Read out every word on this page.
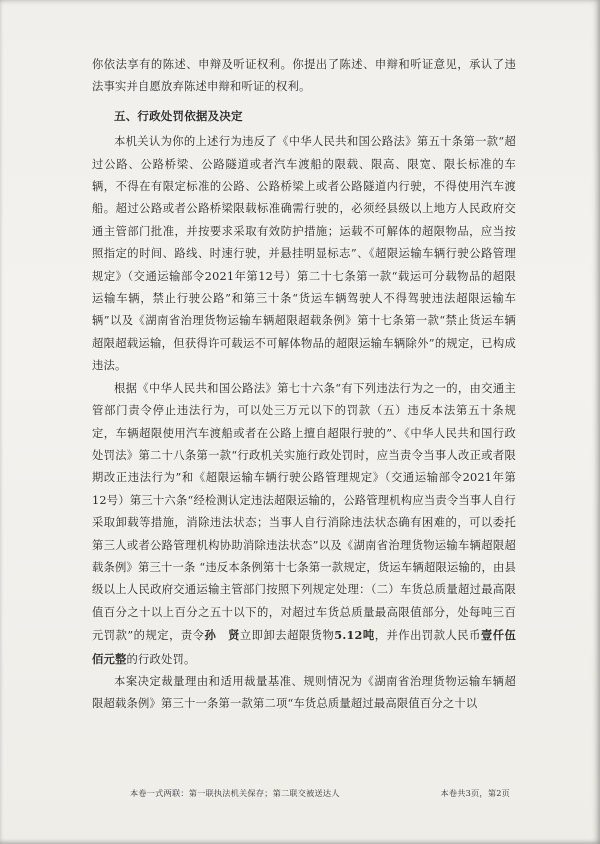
你依法享有的陈述、申辩及听证权利。你提出了陈述、申辩和听证意见，承认了违法事实并自愿放弃陈述申辩和听证的权利。

五、行政处罚依据及决定

本机关认为你的上述行为违反了《中华人民共和国公路法》第五十条第一款“超过公路、公路桥梁、公路隧道或者汽车渡船的限载、限高、限宽、限长标准的车辆，不得在有限定标准的公路、公路桥梁上或者公路隧道内行驶，不得使用汽车渡船。超过公路或者公路桥梁限载标准确需行驶的，必须经县级以上地方人民政府交通主管部门批准，并按要求采取有效防护措施；运载不可解体的超限物品，应当按照指定的时间、路线、时速行驶，并悬挂明显标志”、《超限运输车辆行驶公路管理规定》（交通运输部令2021年第12号）第二十七条第一款“载运可分载物品的超限运输车辆，禁止行驶公路”和第三十条“货运车辆驾驶人不得驾驶违法超限运输车辆”以及《湖南省治理货物运输车辆超限超载条例》第十七条第一款“禁止货运车辆超限超载运输，但获得许可载运不可解体物品的超限运输车辆除外”的规定，已构成违法。

根据《中华人民共和国公路法》第七十六条“有下列违法行为之一的，由交通主管部门责令停止违法行为，可以处三万元以下的罚款（五）违反本法第五十条规定，车辆超限使用汽车渡船或者在公路上擅自超限行驶的”、《中华人民共和国行政处罚法》第二十八条第一款“行政机关实施行政处罚时，应当责令当事人改正或者限期改正违法行为”和《超限运输车辆行驶公路管理规定》（交通运输部令2021年第12号）第三十六条“经检测认定违法超限运输的，公路管理机构应当责令当事人自行采取卸载等措施，消除违法状态；当事人自行消除违法状态确有困难的，可以委托第三人或者公路管理机构协助消除违法状态”以及《湖南省治理货物运输车辆超限超载条例》第三十一条 “违反本条例第十七条第一款规定，货运车辆超限运输的，由县级以上人民政府交通运输主管部门按照下列规定处理：（二）车货总质量超过最高限值百分之十以上百分之五十以下的，对超过车货总质量最高限值部分，处每吨三百元罚款”的规定，责令孙　贤立即卸去超限货物5.12吨，并作出罚款人民币壹仟伍佰元整的行政处罚。

本案决定裁量理由和适用裁量基准、规则情况为《湖南省治理货物运输车辆超限超载条例》第三十一条第一款第二项“车货总质量超过最高限值百分之十以

本卷一式两联：第一联执法机关保存；第二联交被送达人	本卷共3页，第2页
